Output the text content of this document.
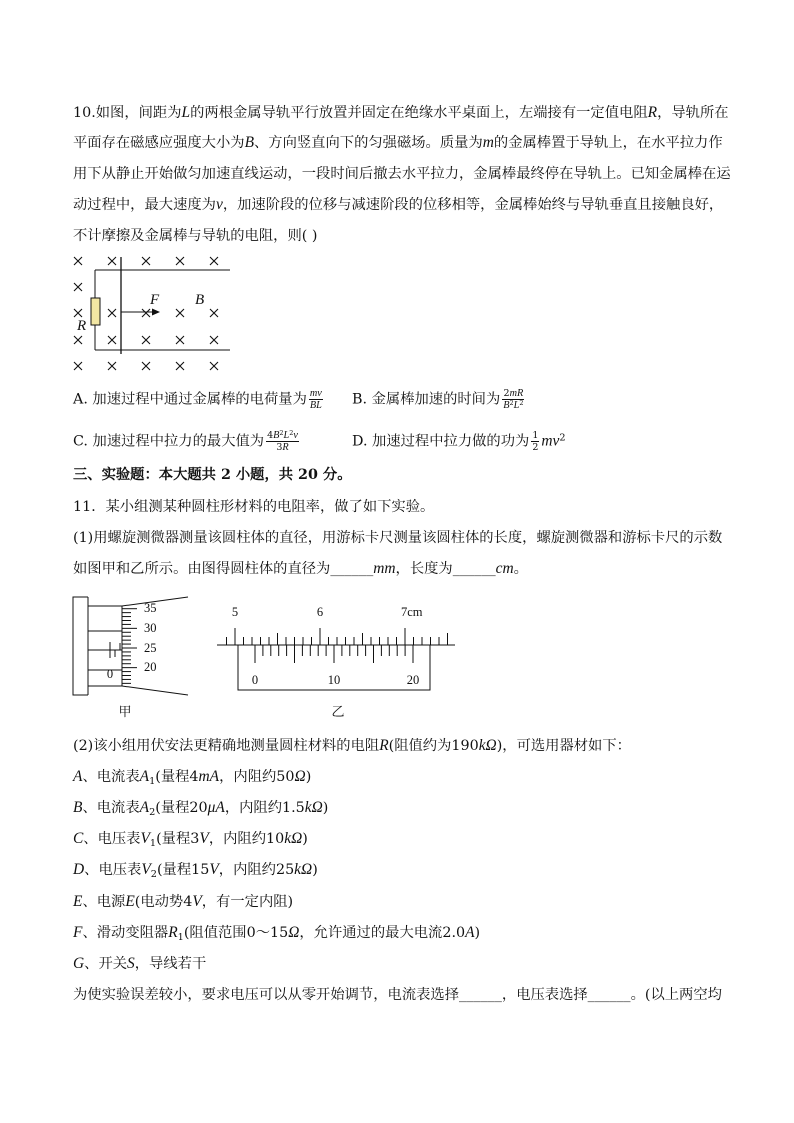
10.如图，间距为L的两根金属导轨平行放置并固定在绝缘水平桌面上，左端接有一定值电阻R，导轨所在
平面存在磁感应强度大小为B、方向竖直向下的匀强磁场。质量为m的金属棒置于导轨上，在水平拉力作
用下从静止开始做匀加速直线运动，一段时间后撤去水平拉力，金属棒最终停在导轨上。已知金属棒在运
动过程中，最大速度为v，加速阶段的位移与减速阶段的位移相等，金属棒始终与导轨垂直且接触良好，
不计摩擦及金属棒与导轨的电阻，则( )
F B
R
A. 加速过程中通过金属棒的电荷量为 $\frac{mv}{BL} B$. 金属棒加速的时间为 $\frac{2mR}{B^2L^2}$
C. 加速过程中拉力的最大值为 $\frac{4B^2L^2v}{3R}$	D. 加速过程中拉力做的功为 $\frac{1}{2} mv^2$
三、实验题：本大题共 2 小题，共 20 分。
11．某小组测某种圆柱形材料的电阻率，做了如下实验。
(1)用螺旋测微器测量该圆柱体的直径，用游标卡尺测量该圆柱体的长度，螺旋测微器和游标卡尺的示数
如图甲和乙所示。由图得圆柱体的直径为______mm，长度为______cm。
35
30
25
20
0
甲
5	6	7cm
0	10	20
乙
(2)该小组用伏安法更精确地测量圆柱材料的电阻R(阻值约为190kΩ)，可选用器材如下：
A、电流表$A_1$(量程4mA，内阻约50Ω)
B、电流表$A_2$(量程20μA，内阻约1.5kΩ)
C、电压表$V_1$(量程3V，内阻约10kΩ)
D、电压表$V_2$(量程15V，内阻约25kΩ)
E、电源E(电动势4V，有一定内阻)
F、滑动变阻器$R_1$(阻值范围0～15Ω，允许通过的最大电流2.0A)
G、开关S，导线若干
为使实验误差较小，要求电压可以从零开始调节，电流表选择______，电压表选择______。(以上两空均
